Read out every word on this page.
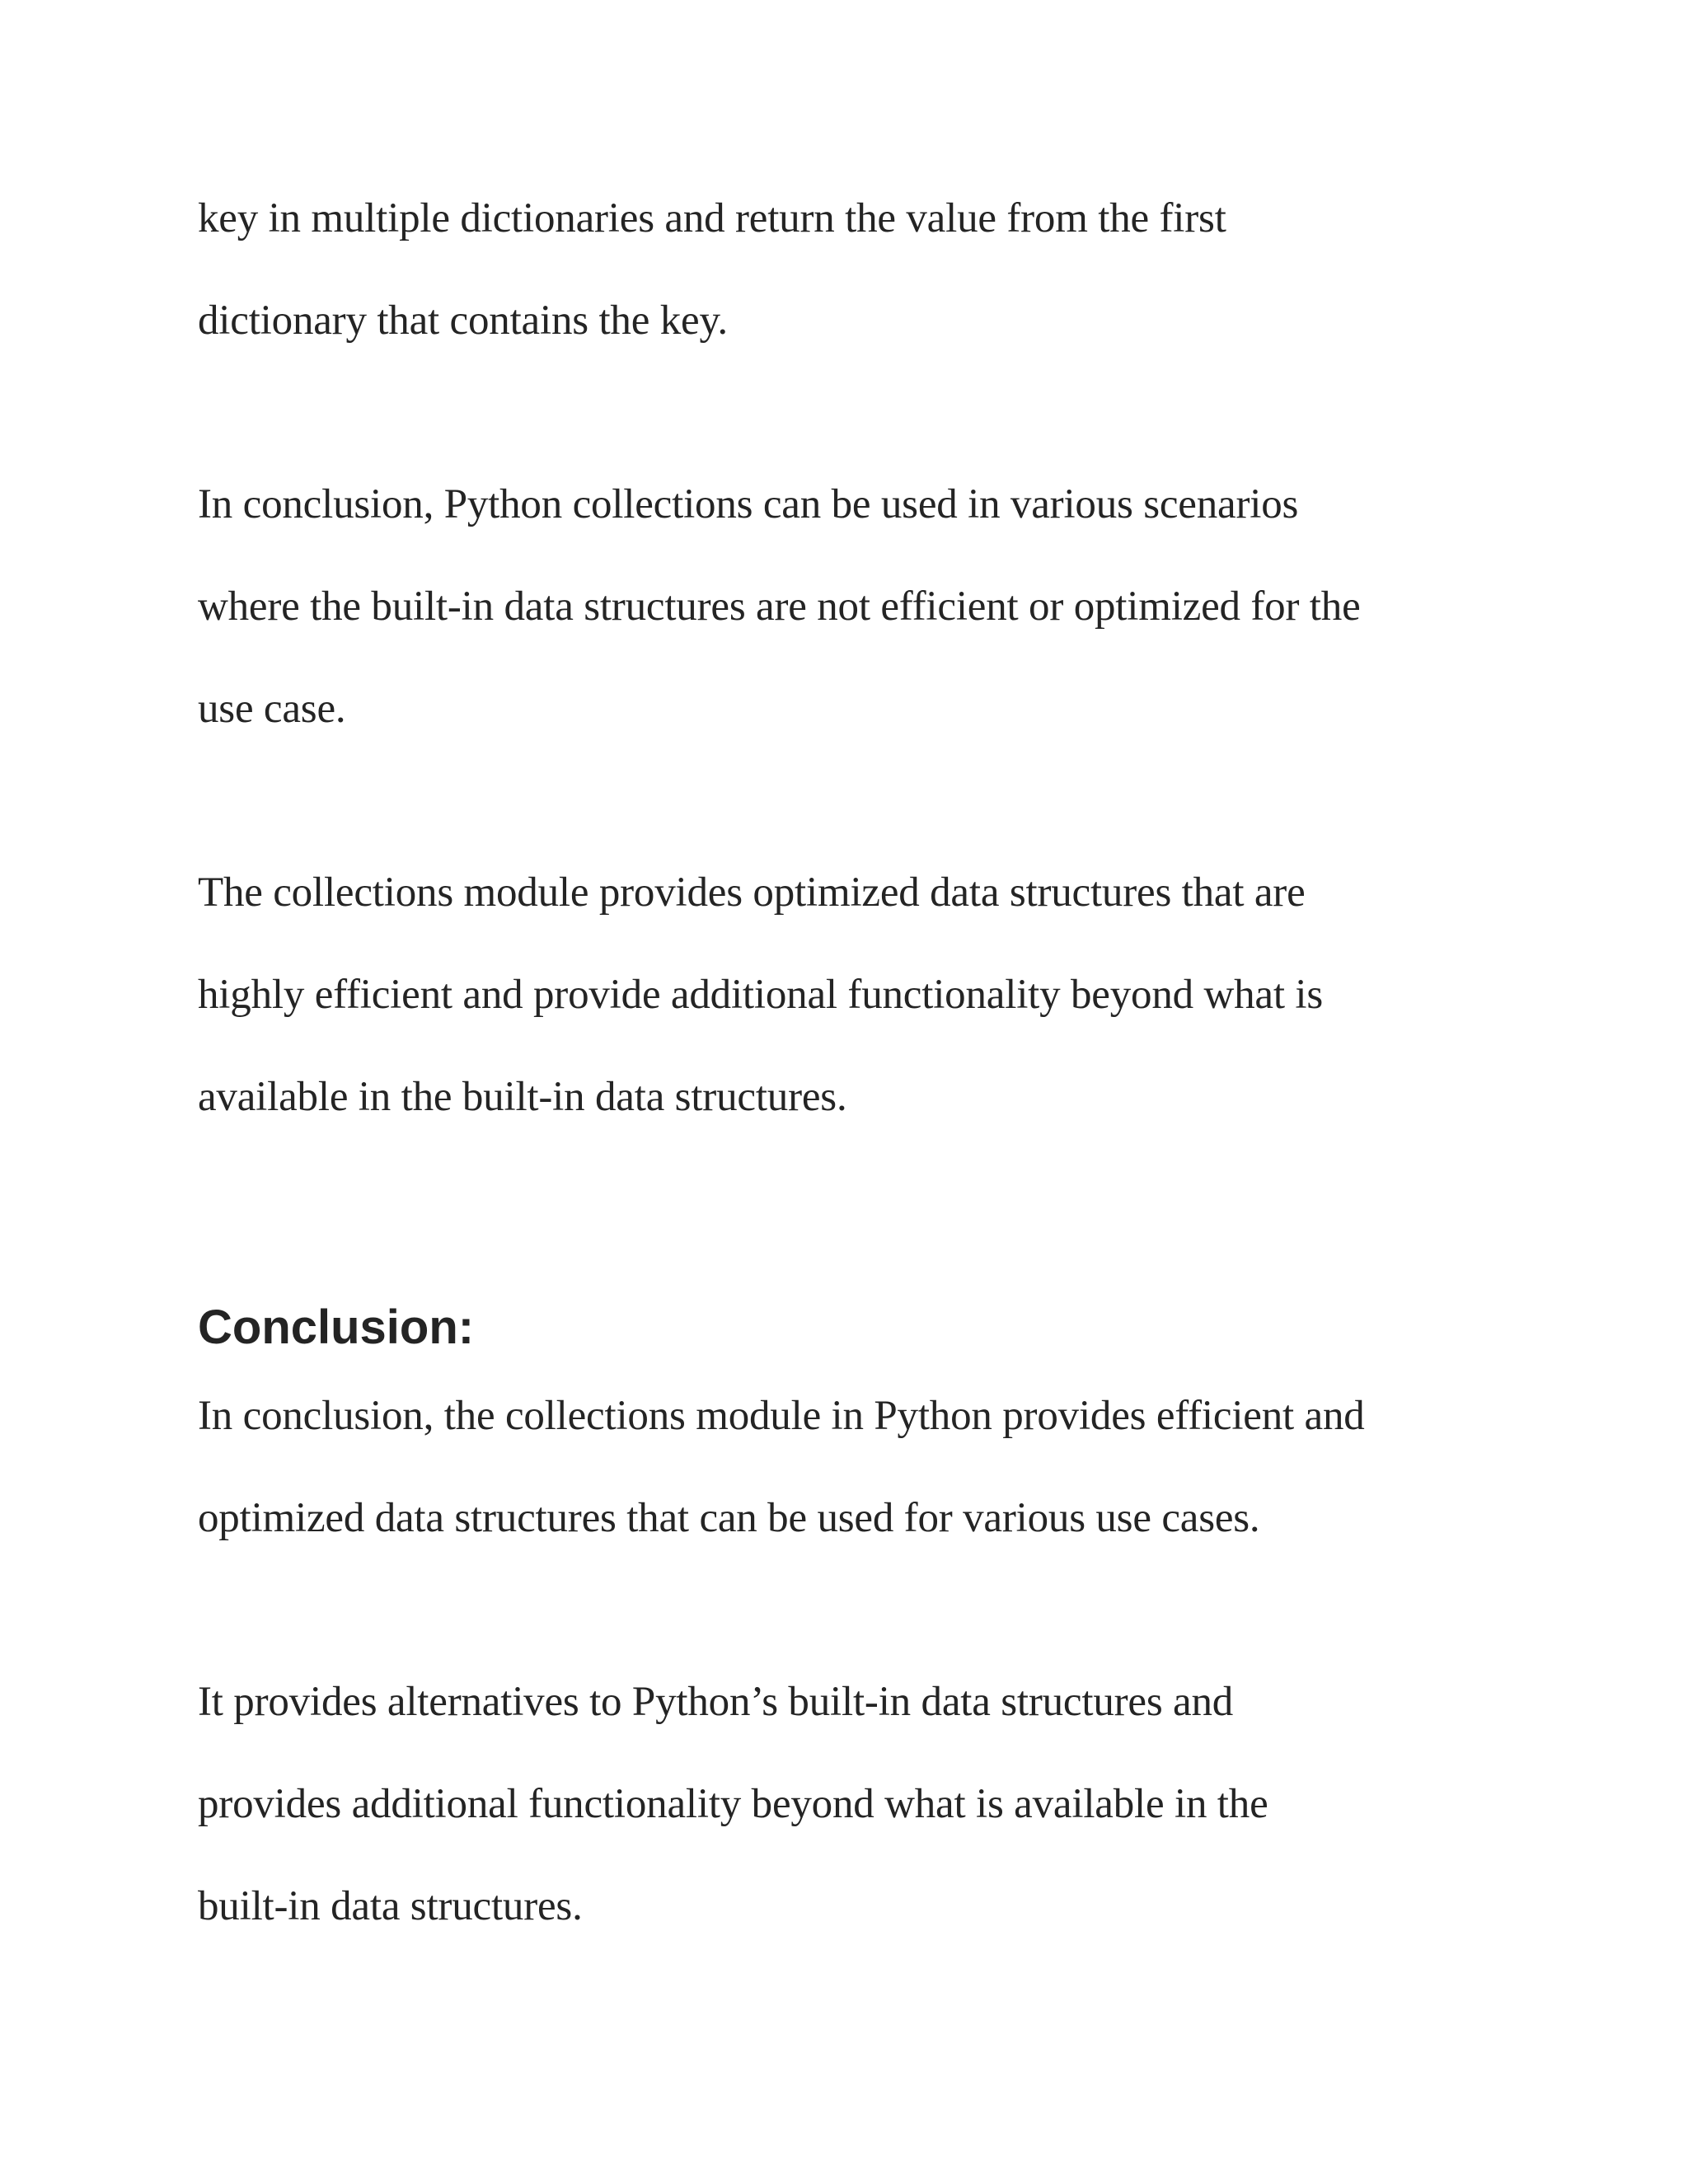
key in multiple dictionaries and return the value from the first
dictionary that contains the key.
In conclusion, Python collections can be used in various scenarios
where the built-in data structures are not efficient or optimized for the
use case.
The collections module provides optimized data structures that are
highly efficient and provide additional functionality beyond what is
available in the built-in data structures.
Conclusion:
In conclusion, the collections module in Python provides efficient and
optimized data structures that can be used for various use cases.
It provides alternatives to Python’s built-in data structures and
provides additional functionality beyond what is available in the
built-in data structures.
